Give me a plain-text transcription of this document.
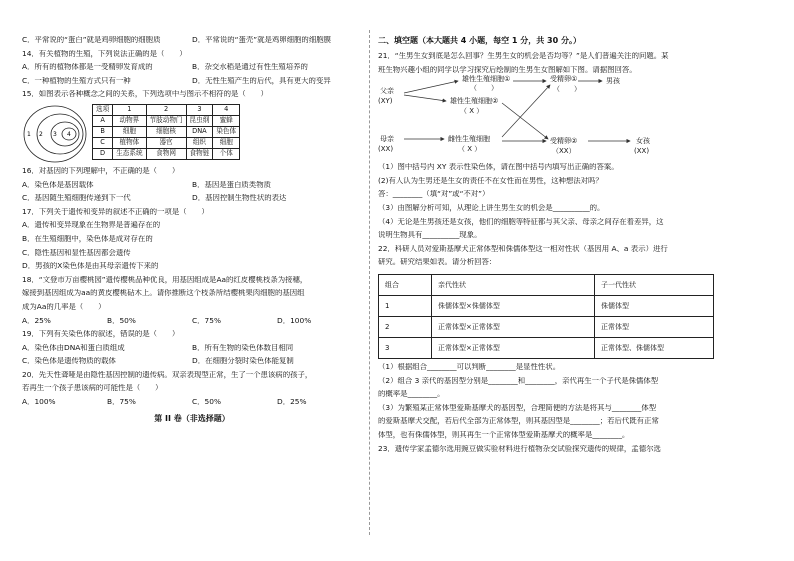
C．平常说的“蛋白”就是鸡卵细胞的细胞质	D．平常说的“蛋壳”就是鸡卵细胞的细胞膜
14．有关植物的生殖，下列说法正确的是（　　）
A．所有的植物体都是一受精卵发育成的	B．杂交水稻是通过有性生殖培养的
C．一种植物的生殖方式只有一种	D．无性生殖产生的后代，具有更大的变异
15．如图表示各种概念之间的关系，下列选项中与图示不相符的是（　　）
1 2 3 4
选项	1	2	3	4
A	动物界	节肢动物门	昆虫纲	蜜蜂
B	细胞	细胞核	DNA	染色体
C	植物体	器官	组织	细胞
D	生态系统	食物网	食物链	个体
16．对基因的下列理解中，不正确的是（　　）
A．染色体是基因载体	B．基因是蛋白质类物质
C．基因随生殖细胞传递到下一代	D．基因控制生物性状的表达
17．下列关于遗传和变异的叙述不正确的一项是（　　）
A．遗传和变异现象在生物界是普遍存在的
B．在生殖细胞中，染色体是成对存在的
C．隐性基因和显性基因都会遗传
D．男孩的X染色体是由其母亲遗传下来的
18．“文登市万亩樱桃园”遗传樱桃品种优良，用基因组成是Aa的红皮樱桃枝条为接穗，
嫁接到基因组成为aa的黄皮樱桃砧木上。请你推断这个枝条所结樱桃果肉细胞的基因组
成为Aa的几率是（　　）
A．25%	B．50%	C．75%	D．100%
19．下列有关染色体的叙述，错误的是（　　）
A．染色体由DNA和蛋白质组成	B．所有生物的染色体数目相同
C．染色体是遗传物质的载体	D．在细胞分裂时染色体能复制
20．先天性聋哑是由隐性基因控制的遗传病。双亲表现型正常，生了一个患该病的孩子，
若再生一个孩子患该病的可能性是（　　）
A．100%	B．75%	C．50%	D．25%
第 II 卷（非选择题）
二、填空题（本大题共 4 小题，每空 1 分，共 30 分。）
21．“生男生女到底是怎么回事？生男生女的机会是否均等？”是人们普遍关注的问题。某
班生物兴趣小组的同学以学习探究后绘制的生男生女图解如下图。请据图回答。
父亲
(XY)
雄性生殖细胞①
（　　）
受精卵①	男孩
（　　）
雄性生殖细胞②
（ X ）
母亲
(XX)
雌性生殖细胞
（ X ）
受精卵②
（XX）
女孩
(XX)
（1）图中括号内 XY 表示性染色体，请在图中括号内填写出正确的答案。
(2)有人认为生男还是生女的责任不在女性而在男性，这种想法对吗？
答：________（填“对”或“不对”）
（3）由图解分析可知，从理论上讲生男生女的机会是__________的。
（4）无论是生男孩还是女孩，他们的细胞等特征都与其父亲、母亲之间存在着差异，这
说明生物具有__________现象。
22．科研人员对爱斯基摩犬正常体型和侏儒体型这一相对性状（基因用 A、a 表示）进行
研究。研究结果如表。请分析回答：
组合	亲代性状	子一代性状
1	侏儒体型×侏儒体型	侏儒体型
2	正常体型×正常体型	正常体型
3	正常体型×正常体型	正常体型、侏儒体型
（1）根据组合________可以判断________是显性性状。
（2）组合 3 亲代的基因型分别是________和________，亲代再生一个子代是侏儒体型
的概率是________。
（3）为繁殖某正常体型爱斯基摩犬的基因型，合理简便的方法是将其与________体型
的爱斯基摩犬交配，若后代全部为正常体型，则其基因型是________；若后代既有正常
体型，也有侏儒体型，则其再生一个正常体型爱斯基摩犬的概率是________。
23．遗传学家孟德尔选用豌豆做实验材料进行植物杂交试验探究遗传的规律，孟德尔选
